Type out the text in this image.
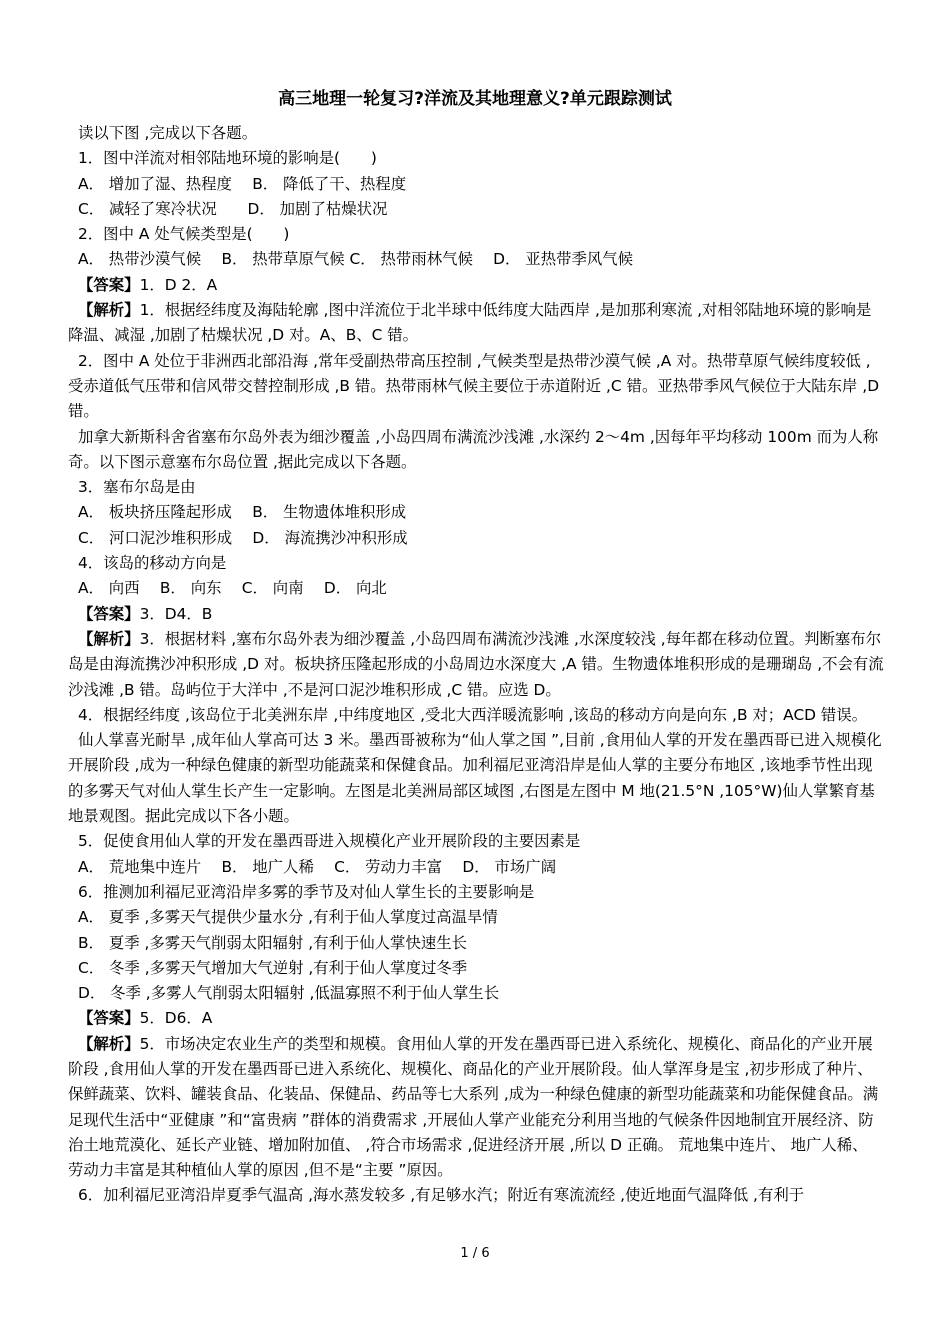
高三地理一轮复习?洋流及其地理意义?单元跟踪测试

读以下图 ,完成以下各题。

1．图中洋流对相邻陆地环境的影响是(　　)

A． 增加了湿、热程度　 B． 降低了干、热程度

C． 减轻了寒冷状况　　D． 加剧了枯燥状况

2．图中 A 处气候类型是(　　)

A． 热带沙漠气候　 B． 热带草原气候 C． 热带雨林气候　 D． 亚热带季风气候

【答案】1．D 2．A

【解析】1．根据经纬度及海陆轮廓 ,图中洋流位于北半球中低纬度大陆西岸 ,是加那利寒流 ,对相邻陆地环境的影响是降温、减湿 ,加剧了枯燥状况 ,D 对。A、B、C 错。

2．图中 A 处位于非洲西北部沿海 ,常年受副热带高压控制 ,气候类型是热带沙漠气候 ,A 对。热带草原气候纬度较低 ,受赤道低气压带和信风带交替控制形成 ,B 错。热带雨林气候主要位于赤道附近 ,C 错。亚热带季风气候位于大陆东岸 ,D 错。

加拿大新斯科舍省塞布尔岛外表为细沙覆盖 ,小岛四周布满流沙浅滩 ,水深约 2～4m ,因每年平均移动 100m 而为人称奇。以下图示意塞布尔岛位置 ,据此完成以下各题。

3．塞布尔岛是由

A． 板块挤压隆起形成　 B． 生物遗体堆积形成

C． 河口泥沙堆积形成　 D． 海流携沙冲积形成

4．该岛的移动方向是

A． 向西　 B． 向东　 C． 向南　 D． 向北

【答案】3．D4．B

【解析】3．根据材料 ,塞布尔岛外表为细沙覆盖 ,小岛四周布满流沙浅滩 ,水深度较浅 ,每年都在移动位置。判断塞布尔岛是由海流携沙冲积形成 ,D 对。板块挤压隆起形成的小岛周边水深度大 ,A 错。生物遗体堆积形成的是珊瑚岛 ,不会有流沙浅滩 ,B 错。岛屿位于大洋中 ,不是河口泥沙堆积形成 ,C 错。应选 D。

4．根据经纬度 ,该岛位于北美洲东岸 ,中纬度地区 ,受北大西洋暖流影响 ,该岛的移动方向是向东 ,B 对；ACD 错误。

仙人掌喜光耐旱 ,成年仙人掌高可达 3 米。墨西哥被称为“仙人掌之国 ”,目前 ,食用仙人掌的开发在墨西哥已进入规模化开展阶段 ,成为一种绿色健康的新型功能蔬菜和保健食品。加利福尼亚湾沿岸是仙人掌的主要分布地区 ,该地季节性出现的多雾天气对仙人掌生长产生一定影响。左图是北美洲局部区域图 ,右图是左图中 M 地(21.5°N ,105°W)仙人掌繁育基地景观图。据此完成以下各小题。

5．促使食用仙人掌的开发在墨西哥进入规模化产业开展阶段的主要因素是

A． 荒地集中连片　 B． 地广人稀　 C． 劳动力丰富　 D． 市场广阔

6．推测加利福尼亚湾沿岸多雾的季节及对仙人掌生长的主要影响是

A． 夏季 ,多雾天气提供少量水分 ,有利于仙人掌度过高温旱情

B． 夏季 ,多雾天气削弱太阳辐射 ,有利于仙人掌快速生长

C． 冬季 ,多雾天气增加大气逆射 ,有利于仙人掌度过冬季

D． 冬季 ,多雾人气削弱太阳辐射 ,低温寡照不利于仙人掌生长

【答案】5．D6．A

【解析】5．市场决定农业生产的类型和规模。食用仙人掌的开发在墨西哥已进入系统化、规模化、商品化的产业开展阶段 ,食用仙人掌的开发在墨西哥已进入系统化、规模化、商品化的产业开展阶段。仙人掌浑身是宝 ,初步形成了种片、保鲜蔬菜、饮料、罐装食品、化装品、保健品、药品等七大系列 ,成为一种绿色健康的新型功能蔬菜和功能保健食品。满足现代生活中“亚健康 ”和“富贵病 ”群体的消费需求 ,开展仙人掌产业能充分利用当地的气候条件因地制宜开展经济、防治土地荒漠化、延长产业链、增加附加值、 ,符合市场需求 ,促进经济开展 ,所以 D 正确。 荒地集中连片、 地广人稀、 劳动力丰富是其种植仙人掌的原因 ,但不是“主要 ”原因。

6．加利福尼亚湾沿岸夏季气温高 ,海水蒸发较多 ,有足够水汽；附近有寒流流经 ,使近地面气温降低 ,有利于

1 / 6
